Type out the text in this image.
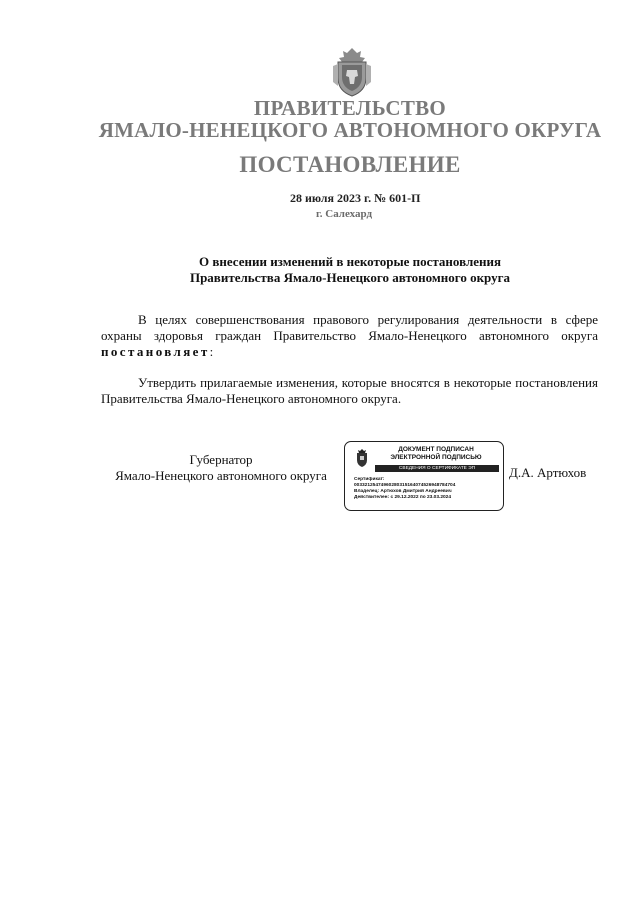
ПРАВИТЕЛЬСТВО
ЯМАЛО-НЕНЕЦКОГО АВТОНОМНОГО ОКРУГА
ПОСТАНОВЛЕНИЕ
28 июля 2023 г. № 601-П
г. Салехард
О внесении изменений в некоторые постановления
Правительства Ямало-Ненецкого автономного округа
В целях совершенствования правового регулирования деятельности в сфере охраны здоровья граждан Правительство Ямало-Ненецкого автономного округа постановляет:
Утвердить прилагаемые изменения, которые вносятся в некоторые постановления Правительства Ямало-Ненецкого автономного округа.
Губернатор
Ямало-Ненецкого автономного округа
ДОКУМЕНТ ПОДПИСАН
ЭЛЕКТРОННОЙ ПОДПИСЬЮ
СВЕДЕНИЯ О СЕРТИФИКАТЕ ЭП
Сертификат:
00332125474960280315164074526948784704
Владелец: Артюхов Дмитрий Андреевич
Действителен: с 29.12.2022 по 23.03.2024
Д.А. Артюхов
